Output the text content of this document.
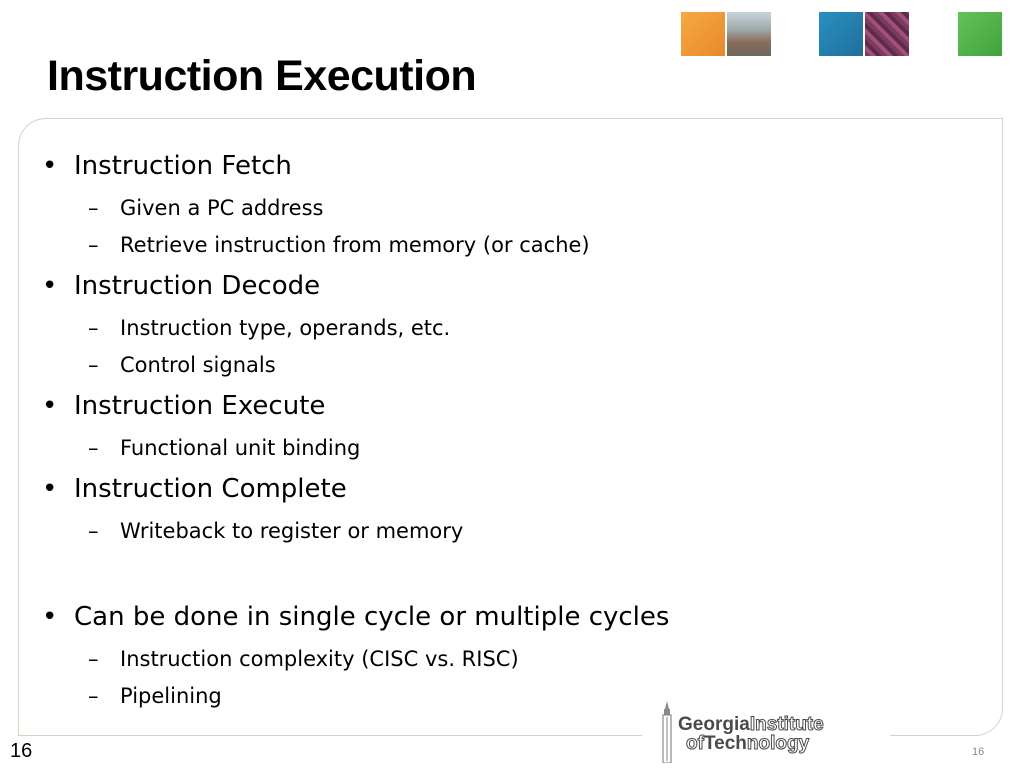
Instruction Execution
• Instruction Fetch
– Given a PC address
– Retrieve instruction from memory (or cache)
• Instruction Decode
– Instruction type, operands, etc.
– Control signals
• Instruction Execute
– Functional unit binding
• Instruction Complete
– Writeback to register or memory
• Can be done in single cycle or multiple cycles
– Instruction complexity (CISC vs. RISC)
– Pipelining
16	16
GeorgiaInstitute
ofTechnology
